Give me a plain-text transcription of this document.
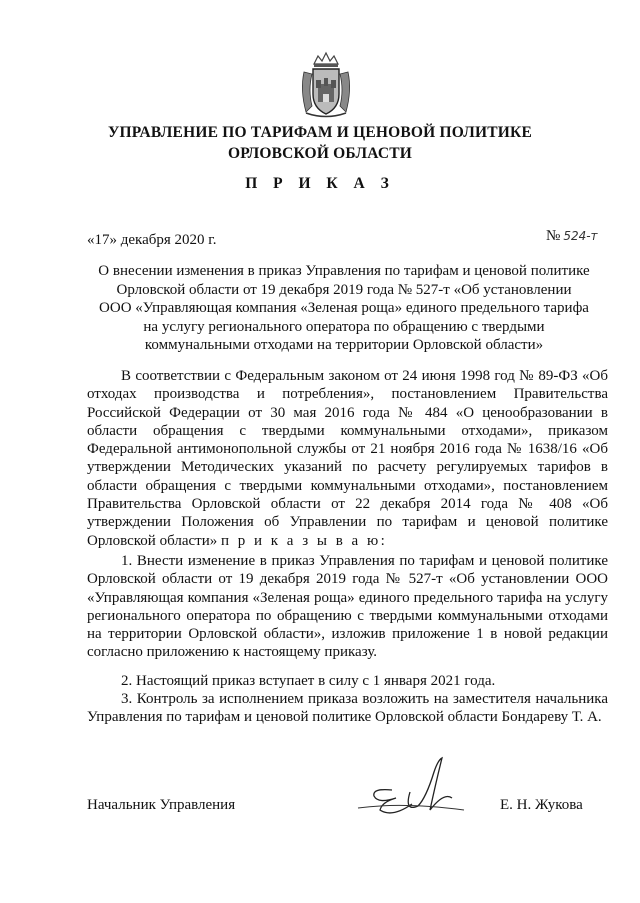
УПРАВЛЕНИЕ ПО ТАРИФАМ И ЦЕНОВОЙ ПОЛИТИКЕ
ОРЛОВСКОЙ ОБЛАСТИ
П Р И К А З
«17» декабря 2020 г.	№ 524-т
О внесении изменения в приказ Управления по тарифам и ценовой политике
Орловской области от 19 декабря 2019 года № 527-т «Об установлении
ООО «Управляющая компания «Зеленая роща» единого предельного тарифа
на услугу регионального оператора по обращению с твердыми
коммунальными отходами на территории Орловской области»

В соответствии с Федеральным законом от 24 июня 1998 год № 89-ФЗ «Об отходах производства и потребления», постановлением Правительства Российской Федерации от 30 мая 2016 года № 484 «О ценообразовании в области обращения с твердыми коммунальными отходами», приказом Федеральной антимонопольной службы от 21 ноября 2016 года № 1638/16 «Об утверждении Методических указаний по расчету регулируемых тарифов в области обращения с твердыми коммунальными отходами», постановлением Правительства Орловской области от 22 декабря 2014 года № 408 «Об утверждении Положения об Управлении по тарифам и ценовой политике Орловской области» п р и к а з ы в а ю:

1. Внести изменение в приказ Управления по тарифам и ценовой политике Орловской области от 19 декабря 2019 года № 527-т «Об установлении ООО «Управляющая компания «Зеленая роща» единого предельного тарифа на услугу регионального оператора по обращению с твердыми коммунальными отходами на территории Орловской области», изложив приложение 1 в новой редакции согласно приложению к настоящему приказу.

2. Настоящий приказ вступает в силу с 1 января 2021 года.

3. Контроль за исполнением приказа возложить на заместителя начальника Управления по тарифам и ценовой политике Орловской области Бондареву Т. А.

Начальник Управления	Е. Н. Жукова
